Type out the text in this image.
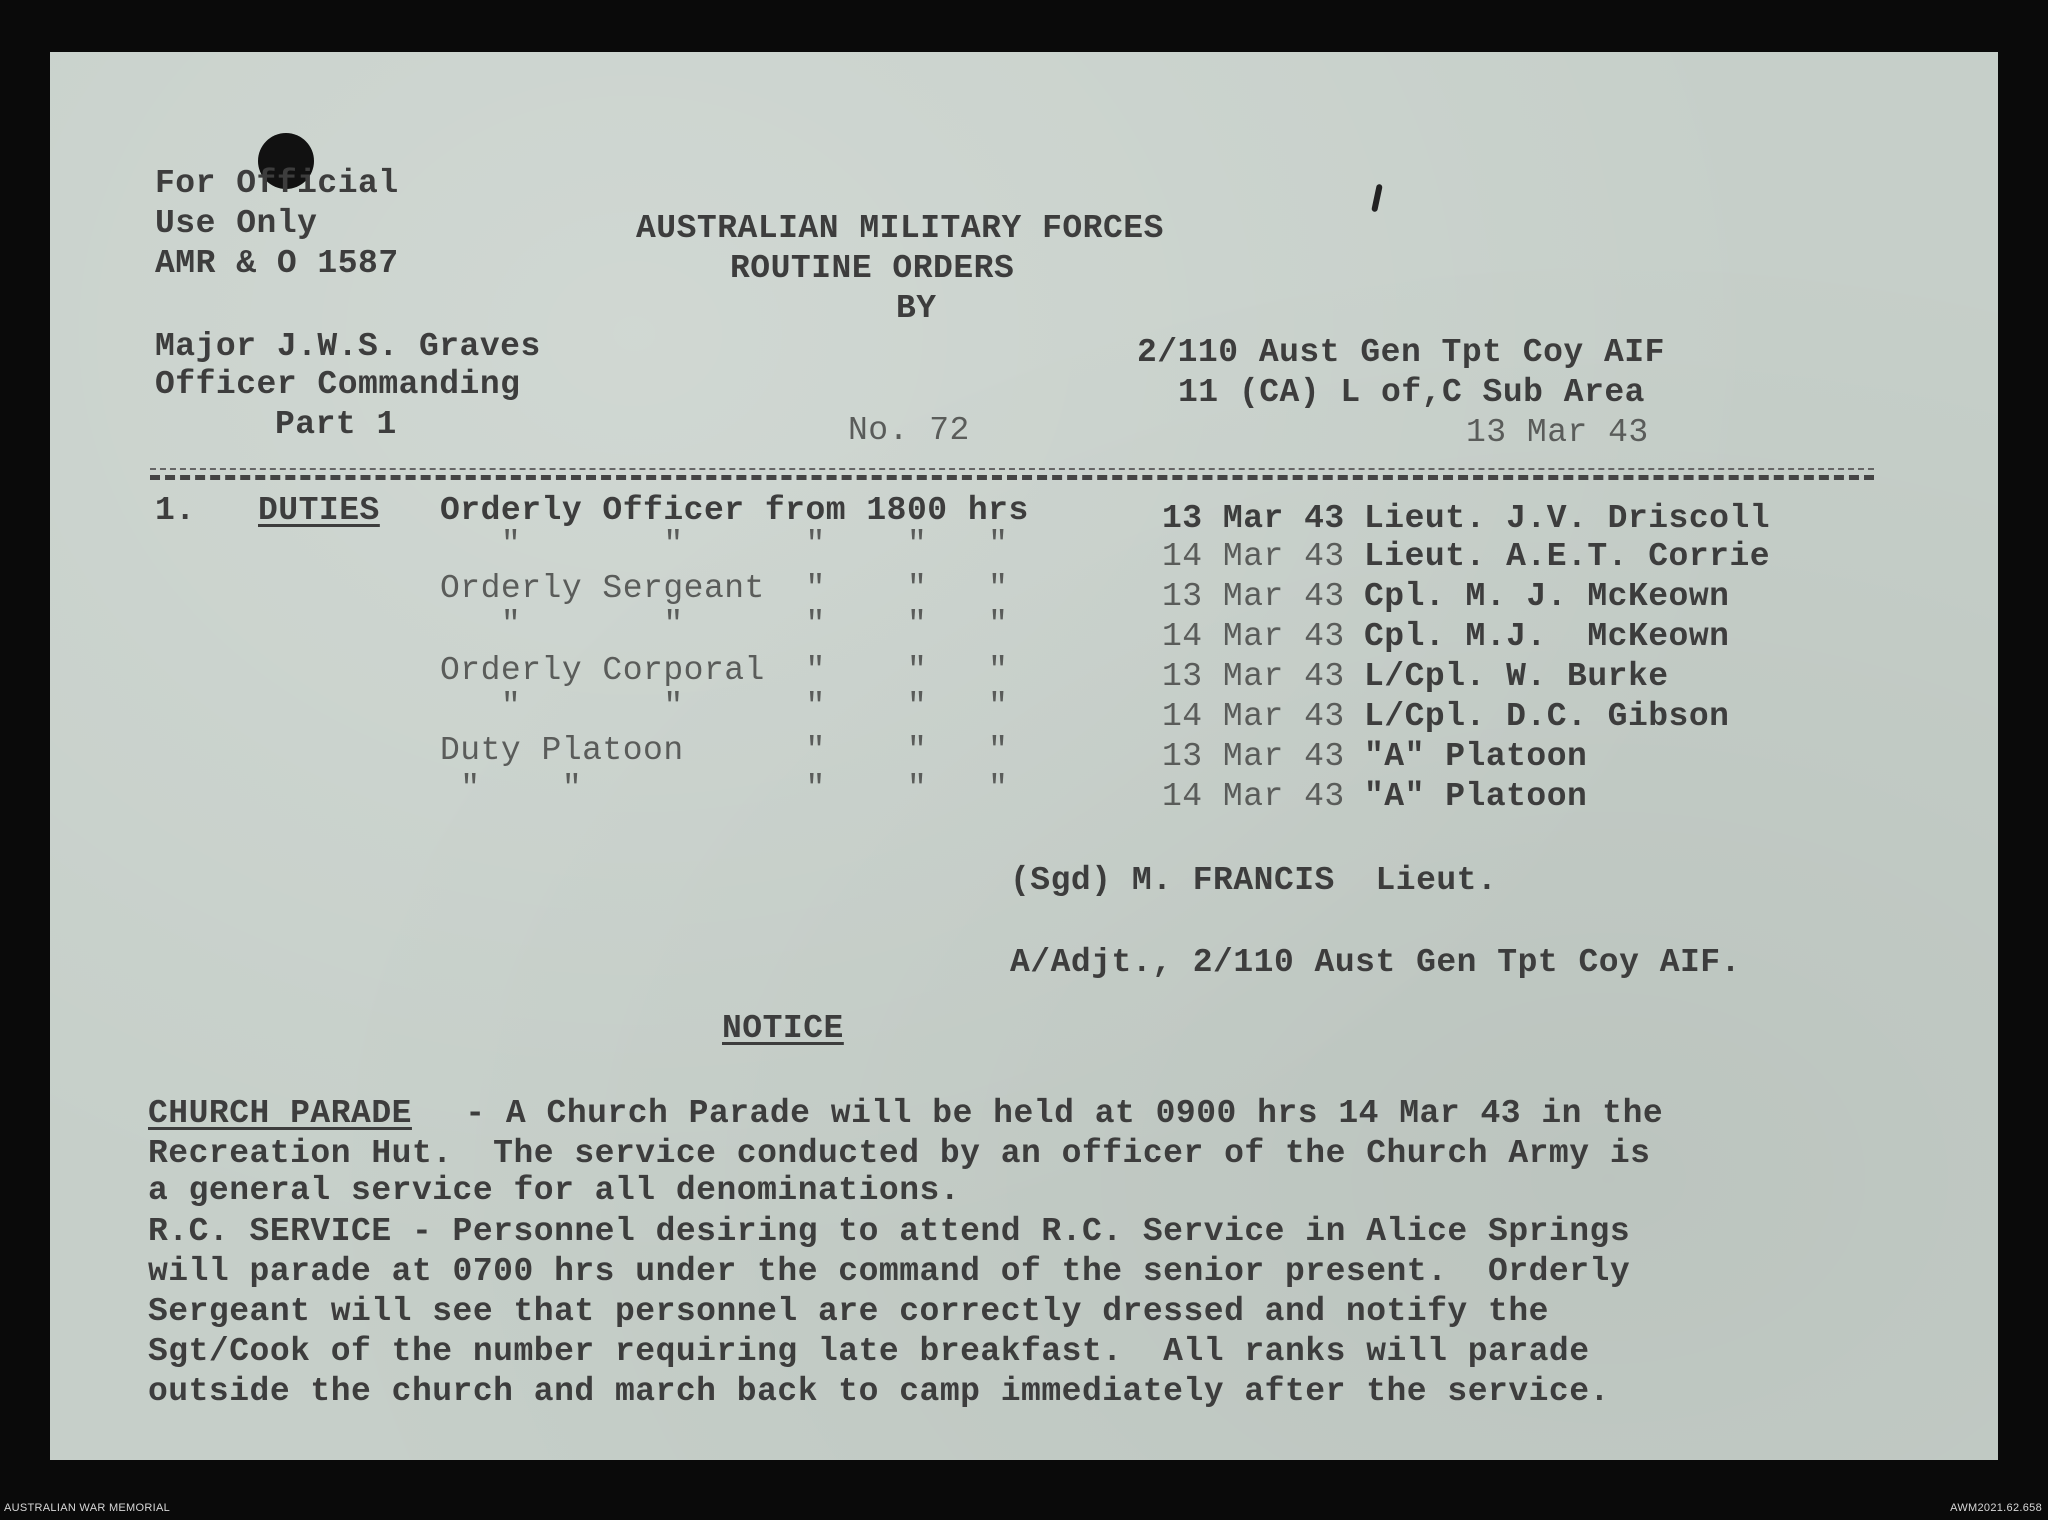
For Official
Use Only
AMR & O 1587
AUSTRALIAN MILITARY FORCES
ROUTINE ORDERS
BY
Major J.W.S. Graves
Officer Commanding
Part 1	No. 72
2/110 Aust Gen Tpt Coy AIF
11 (CA) L of,C Sub Area
13 Mar 43
1. DUTIES Orderly Officer from 1800 hrs	13 Mar 43 Lieut. J.V. Driscoll
"       "      "    "   "	14 Mar 43 Lieut. A.E.T. Corrie
Orderly Sergeant  "    "   "	13 Mar 43 Cpl. M. J. McKeown
"       "      "    "   "	14 Mar 43 Cpl. M.J.  McKeown
Orderly Corporal  "    "   "	13 Mar 43 L/Cpl. W. Burke
"       "      "    "   "	14 Mar 43 L/Cpl. D.C. Gibson
Duty Platoon      "    "   "	13 Mar 43 "A" Platoon
"    "           "    "   "	14 Mar 43 "A" Platoon
(Sgd) M. FRANCIS  Lieut.
A/Adjt., 2/110 Aust Gen Tpt Coy AIF.
NOTICE
CHURCH PARADE - A Church Parade will be held at 0900 hrs 14 Mar 43 in the
Recreation Hut.  The service conducted by an officer of the Church Army is
a general service for all denominations.
R.C. SERVICE - Personnel desiring to attend R.C. Service in Alice Springs
will parade at 0700 hrs under the command of the senior present.  Orderly
Sergeant will see that personnel are correctly dressed and notify the
Sgt/Cook of the number requiring late breakfast.  All ranks will parade
outside the church and march back to camp immediately after the service.
AUSTRALIAN WAR MEMORIAL	AWM2021.62.658
